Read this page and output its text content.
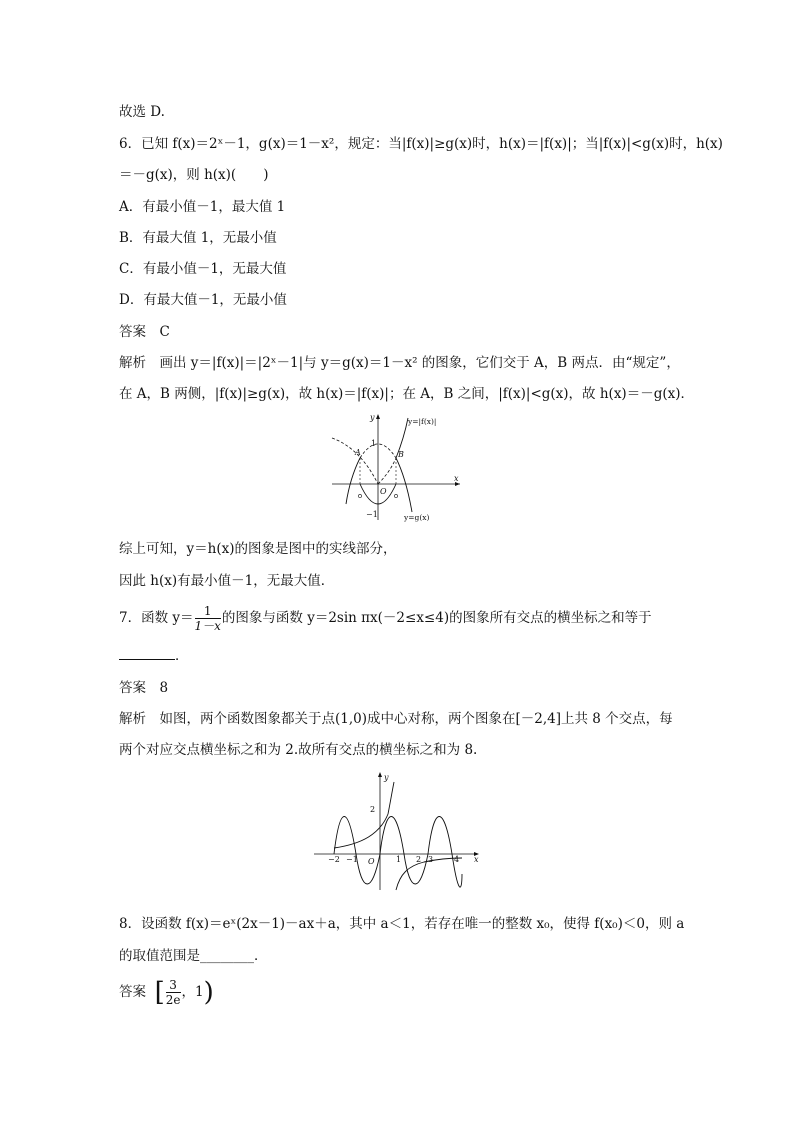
故选 D.
6．已知 f(x)＝2ˣ－1，g(x)＝1－x²，规定：当|f(x)|≥g(x)时，h(x)＝|f(x)|；当|f(x)|<g(x)时，h(x)
＝－g(x)，则 h(x)(　　)
A．有最小值－1，最大值 1
B．有最大值 1，无最小值
C．有最小值－1，无最大值
D．有最大值－1，无最小值
答案　C
解析　画出 y＝|f(x)|＝|2ˣ－1|与 y＝g(x)＝1－x² 的图象，它们交于 A，B 两点．由“规定”，
在 A，B 两侧，|f(x)|≥g(x)，故 h(x)＝|f(x)|；在 A，B 之间，|f(x)|<g(x)，故 h(x)＝－g(x)．
y
x
O
1
−1
A	B
y=|f(x)|
y=g(x)
综上可知，y＝h(x)的图象是图中的实线部分，
因此 h(x)有最小值－1，无最大值．
7．函数 $y= \frac{1}{1-x}$ 的图象与函数 y＝2sin πx(－2≤x≤4)的图象所有交点的横坐标之和等于
．
答案　8
解析　如图，两个函数图象都关于点(1,0)成中心对称，两个图象在[－2,4]上共 8 个交点，每
两个对应交点横坐标之和为 2.故所有交点的横坐标之和为 8.
y
x
O
2
−2 −1	1 2 3	4
8．设函数 f(x)＝eˣ(2x－1)－ax＋a，其中 a＜1，若存在唯一的整数 x₀，使得 f(x₀)＜0，则 a
的取值范围是________．
答案 [ $\frac{3}{2e}$ ，1)
